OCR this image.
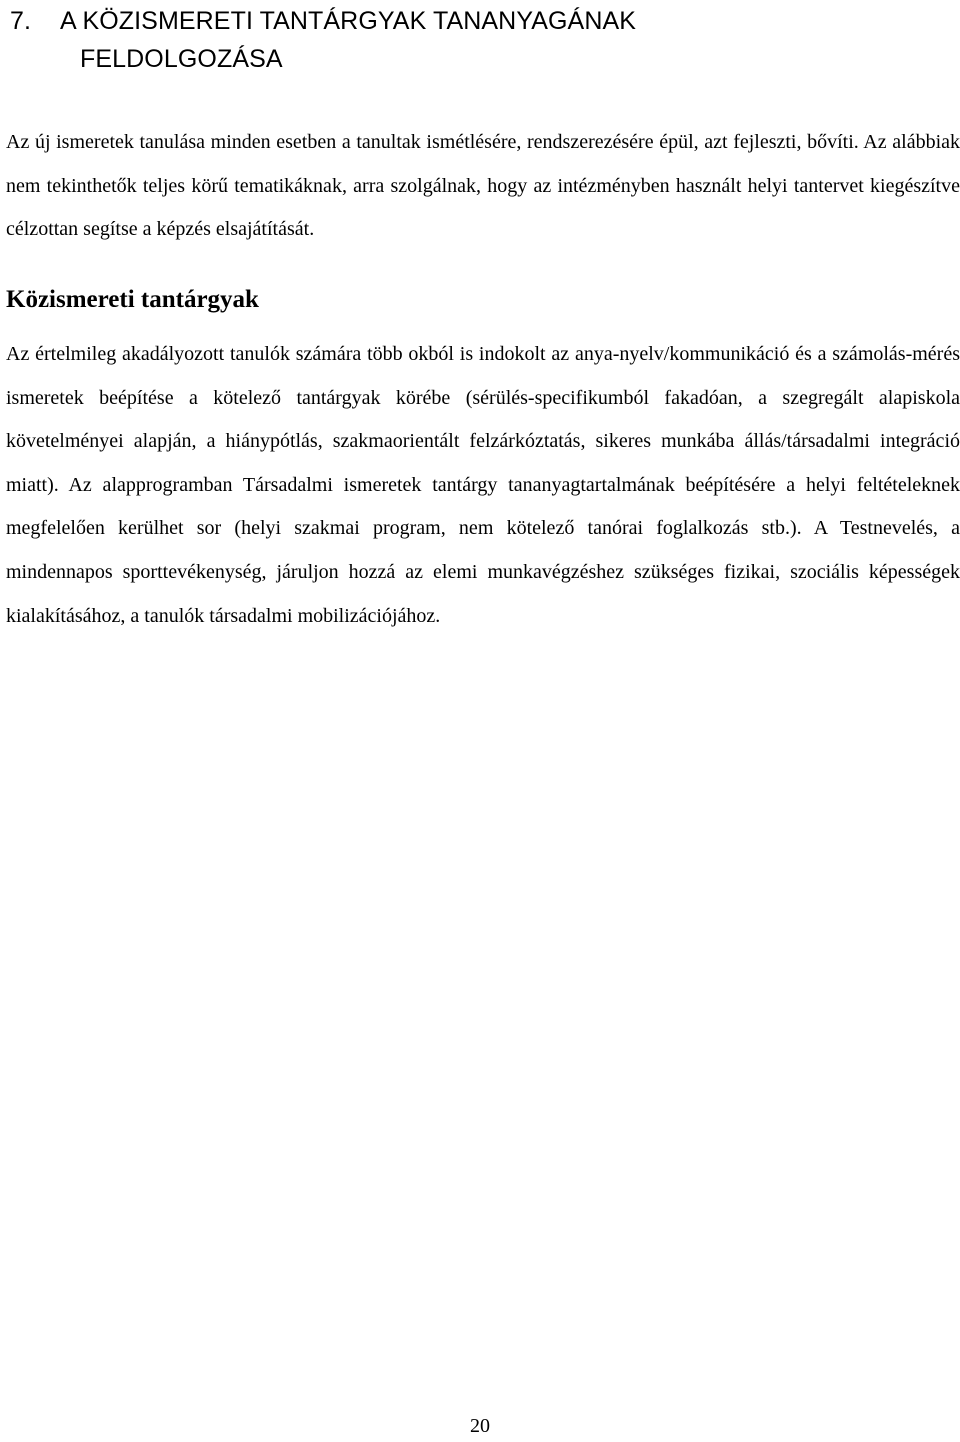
7. A KÖZISMERETI TANTÁRGYAK TANANYAGÁNAK
FELDOLGOZÁSA

Az új ismeretek tanulása minden esetben a tanultak ismétlésére, rendszerezésére épül, azt fejleszti, bővíti. Az alábbiak nem tekinthetők teljes körű tematikáknak, arra szolgálnak, hogy az intézményben használt helyi tantervet kiegészítve célzottan segítse a képzés elsajátítását.

Közismereti tantárgyak

Az értelmileg akadályozott tanulók számára több okból is indokolt az anya-nyelv/kommunikáció és a számolás-mérés ismeretek beépítése a kötelező tantárgyak körébe (sérülés-specifikumból fakadóan, a szegregált alapiskola követelményei alapján, a hiánypótlás, szakmaorientált felzárkóztatás, sikeres munkába állás/társadalmi integráció miatt). Az alapprogramban Társadalmi ismeretek tantárgy tananyagtartalmának beépítésére a helyi feltételeknek megfelelően kerülhet sor (helyi szakmai program, nem kötelező tanórai foglalkozás stb.). A Testnevelés, a mindennapos sporttevékenység, járuljon hozzá az elemi munkavégzéshez szükséges fizikai, szociális képességek kialakításához, a tanulók társadalmi mobilizációjához.

20
